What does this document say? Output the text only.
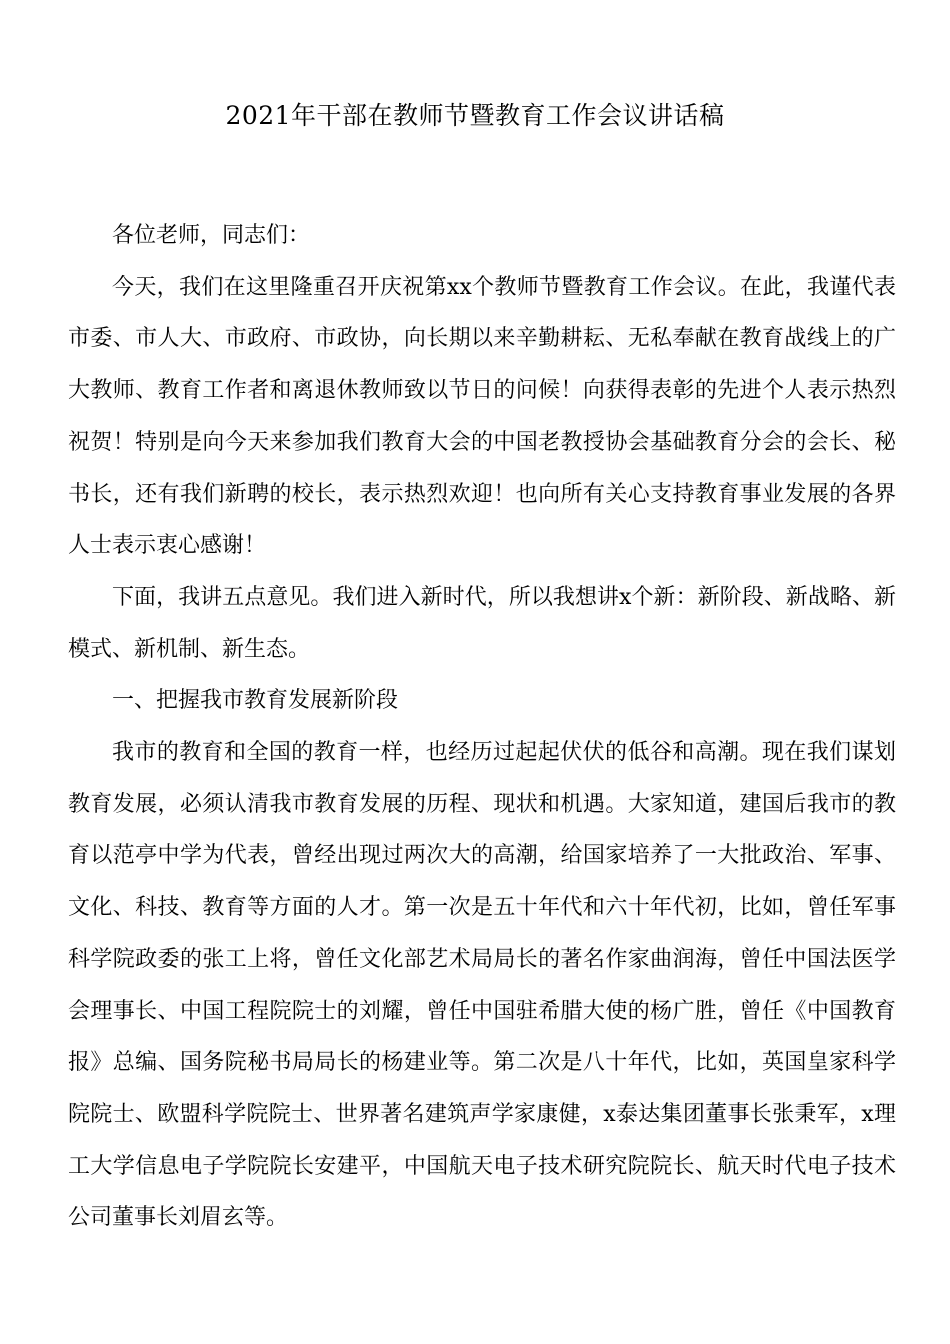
2021年干部在教师节暨教育工作会议讲话稿

各位老师，同志们：

今天，我们在这里隆重召开庆祝第xx个教师节暨教育工作会议。在此，我谨代表市委、市人大、市政府、市政协，向长期以来辛勤耕耘、无私奉献在教育战线上的广大教师、教育工作者和离退休教师致以节日的问候！向获得表彰的先进个人表示热烈祝贺！特别是向今天来参加我们教育大会的中国老教授协会基础教育分会的会长、秘书长，还有我们新聘的校长，表示热烈欢迎！也向所有关心支持教育事业发展的各界人士表示衷心感谢！

下面，我讲五点意见。我们进入新时代，所以我想讲x个新：新阶段、新战略、新模式、新机制、新生态。

一、把握我市教育发展新阶段

我市的教育和全国的教育一样，也经历过起起伏伏的低谷和高潮。现在我们谋划教育发展，必须认清我市教育发展的历程、现状和机遇。大家知道，建国后我市的教育以范亭中学为代表，曾经出现过两次大的高潮，给国家培养了一大批政治、军事、文化、科技、教育等方面的人才。第一次是五十年代和六十年代初，比如，曾任军事科学院政委的张工上将，曾任文化部艺术局局长的著名作家曲润海，曾任中国法医学会理事长、中国工程院院士的刘耀，曾任中国驻希腊大使的杨广胜，曾任《中国教育报》总编、国务院秘书局局长的杨建业等。第二次是八十年代，比如，英国皇家科学院院士、欧盟科学院院士、世界著名建筑声学家康健，x泰达集团董事长张秉军，x理工大学信息电子学院院长安建平，中国航天电子技术研究院院长、航天时代电子技术公司董事长刘眉玄等。
